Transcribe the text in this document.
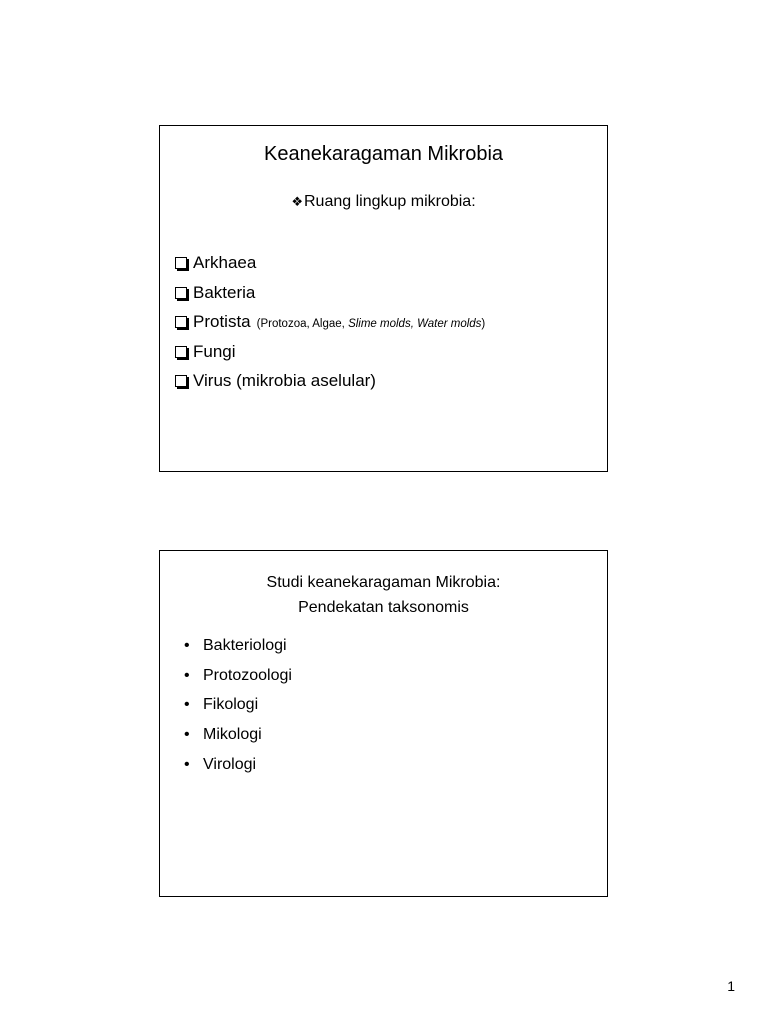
Keanekaragaman Mikrobia
❖Ruang lingkup mikrobia:
Arkhaea
Bakteria
Protista (Protozoa, Algae, Slime molds, Water molds)
Fungi
Virus (mikrobia aselular)
Studi keanekaragaman Mikrobia:
Pendekatan taksonomis
• Bakteriologi
• Protozoologi
• Fikologi
• Mikologi
• Virologi
1
